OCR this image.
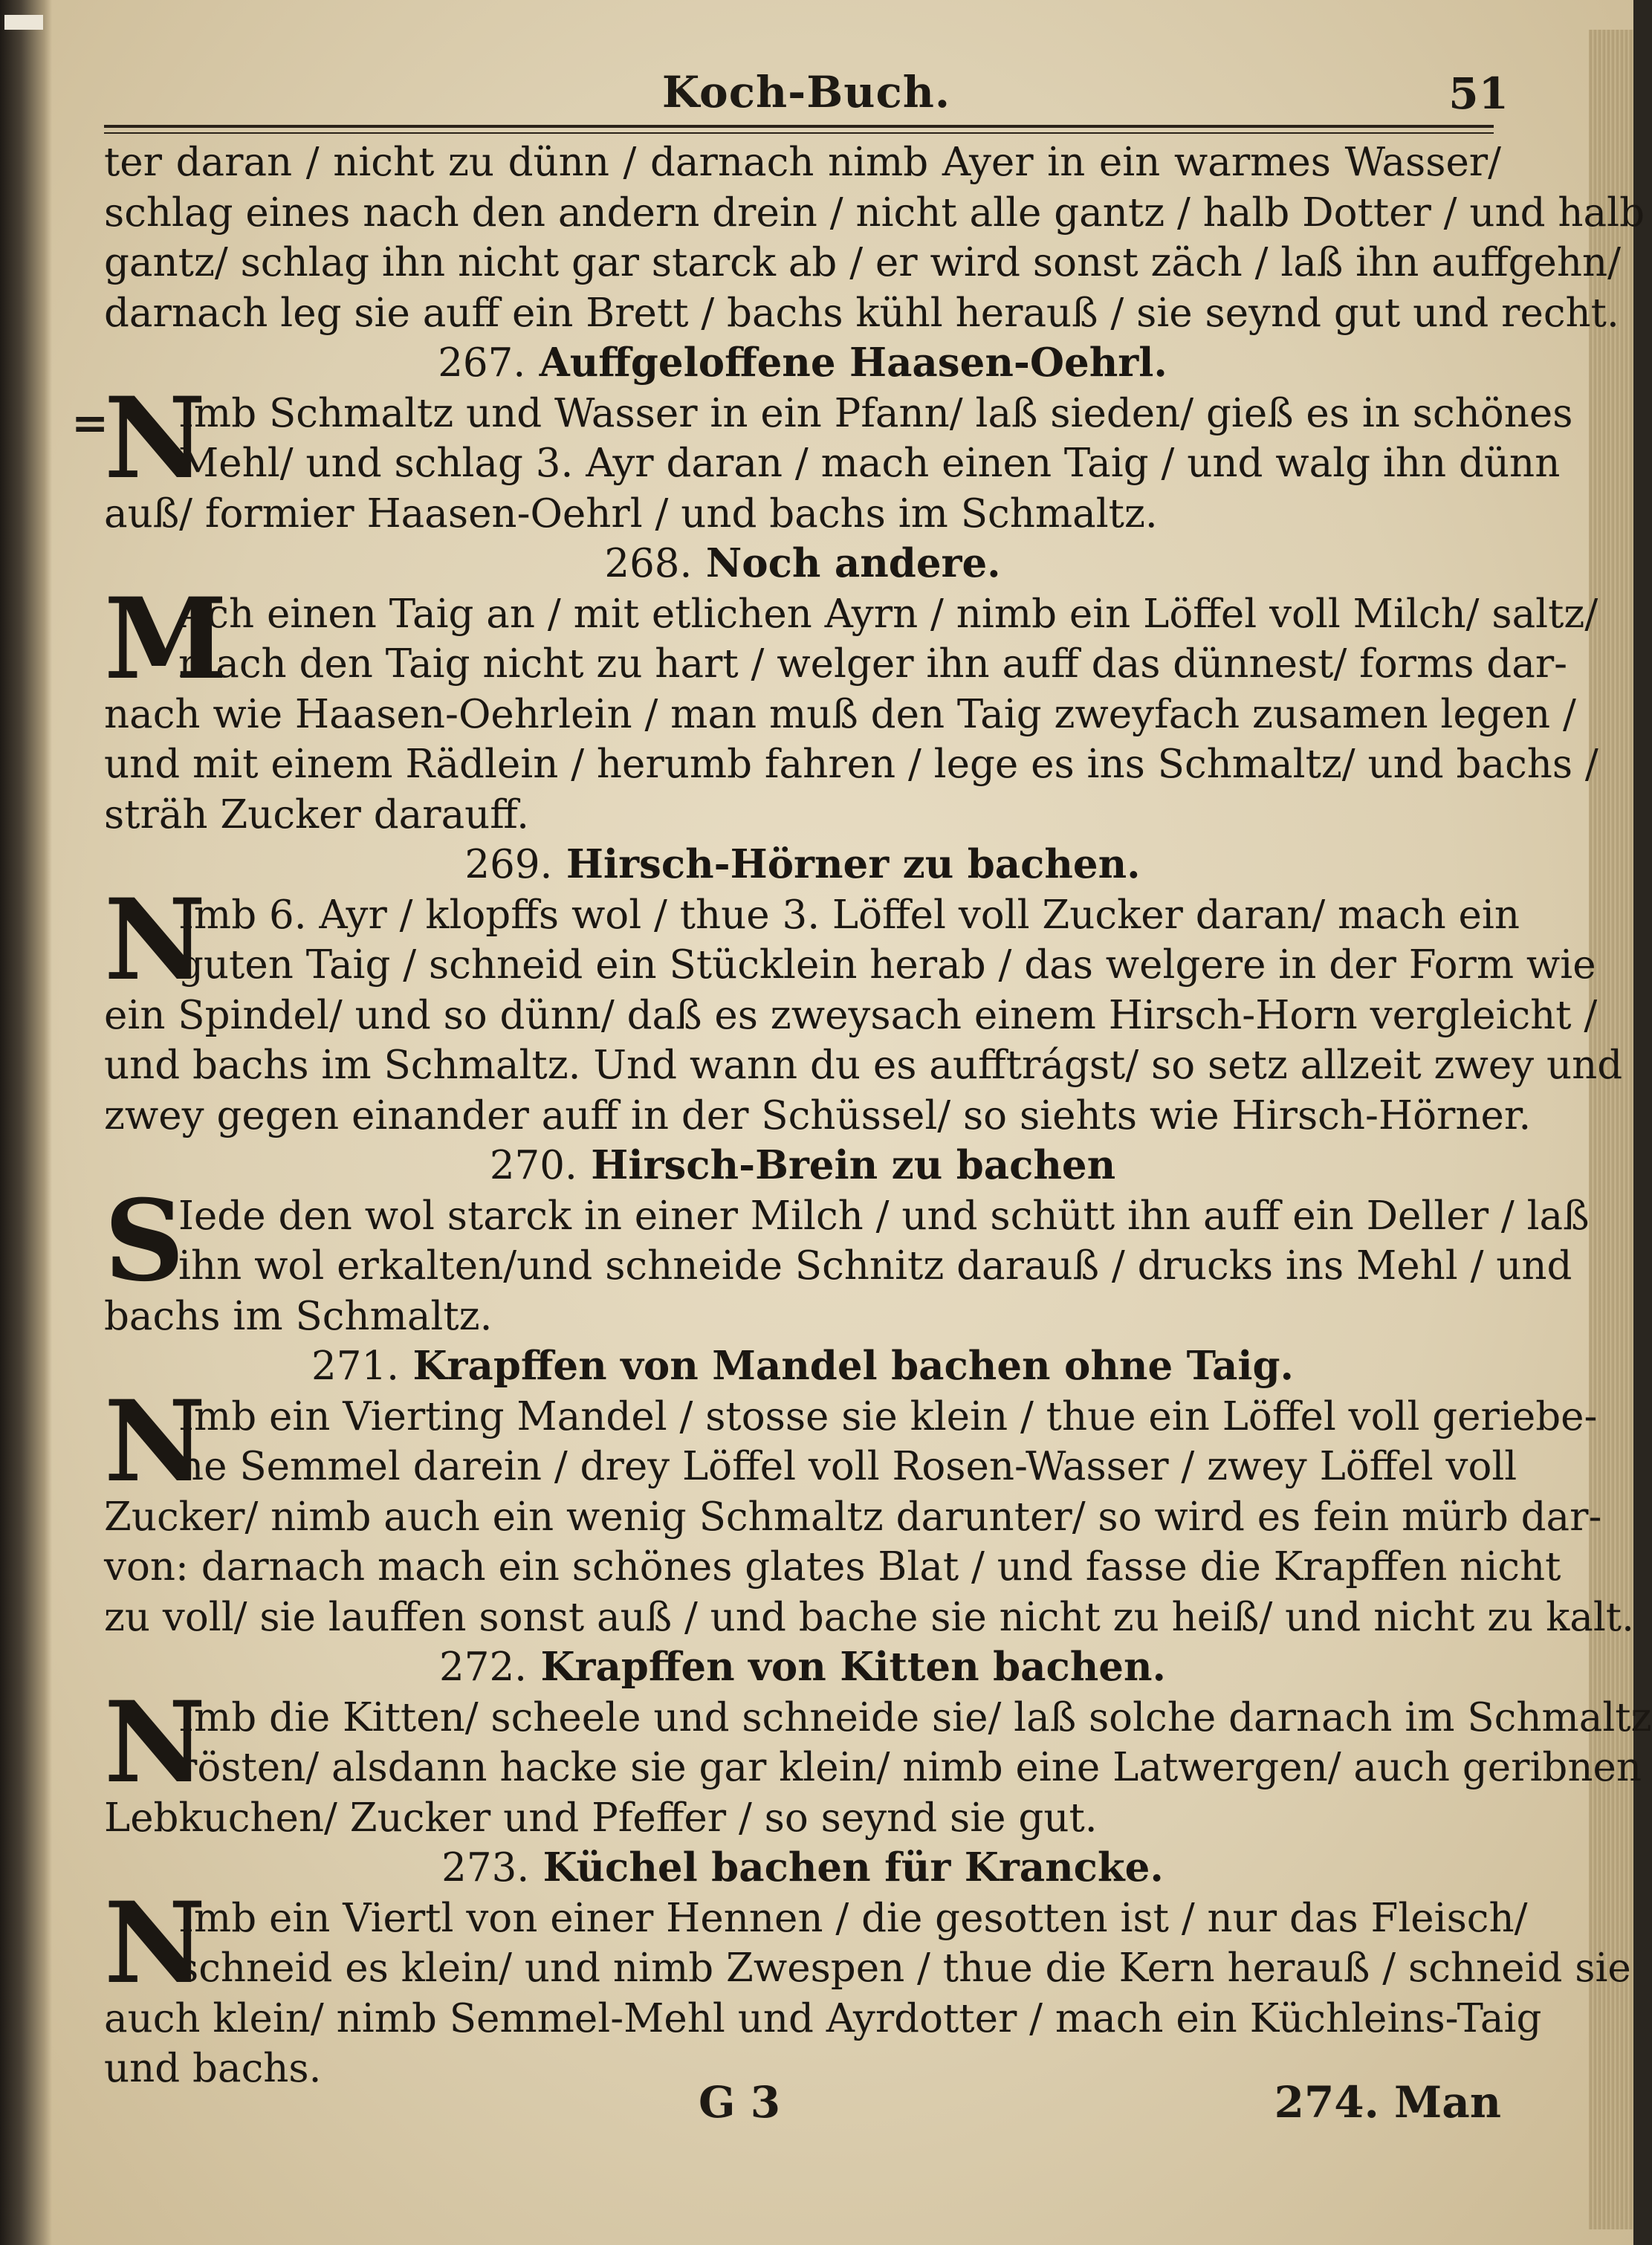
Koch-Buch.	51
ter daran / nicht zu dünn / darnach nimb Ayer in ein warmes Wasser/
schlag eines nach den andern drein / nicht alle gantz / halb Dotter / und halb
gantz/ schlag ihn nicht gar starck ab / er wird sonst zäch / laß ihn auffgehn/
darnach leg sie auff ein Brett / bachs kühl herauß / sie seynd gut und recht.
267. Auffgeloffene Haasen-Oehrl.
N
Imb Schmaltz und Wasser in ein Pfann/ laß sieden/ gieß es in schönes
Mehl/ und schlag 3. Ayr daran / mach einen Taig / und walg ihn dünn
auß/ formier Haasen-Oehrl / und bachs im Schmaltz.
268. Noch andere.
M
Ach einen Taig an / mit etlichen Ayrn / nimb ein Löffel voll Milch/ saltz/
mach den Taig nicht zu hart / welger ihn auff das dünnest/ forms dar-
nach wie Haasen-Oehrlein / man muß den Taig zweyfach zusamen legen /
und mit einem Rädlein / herumb fahren / lege es ins Schmaltz/ und bachs /
sträh Zucker darauff.
269. Hirsch-Hörner zu bachen.
N
Imb 6. Ayr / klopffs wol / thue 3. Löffel voll Zucker daran/ mach ein
guten Taig / schneid ein Stücklein herab / das welgere in der Form wie
ein Spindel/ und so dünn/ daß es zweysach einem Hirsch-Horn vergleicht /
und bachs im Schmaltz. Und wann du es aufftrágst/ so setz allzeit zwey und
zwey gegen einander auff in der Schüssel/ so siehts wie Hirsch-Hörner.
270. Hirsch-Brein zu bachen
S
Iede den wol starck in einer Milch / und schütt ihn auff ein Deller / laß
ihn wol erkalten/und schneide Schnitz darauß / drucks ins Mehl / und
bachs im Schmaltz.
271. Krapffen von Mandel bachen ohne Taig.
N
Imb ein Vierting Mandel / stosse sie klein / thue ein Löffel voll geriebe-
ne Semmel darein / drey Löffel voll Rosen-Wasser / zwey Löffel voll
Zucker/ nimb auch ein wenig Schmaltz darunter/ so wird es fein mürb dar-
von: darnach mach ein schönes glates Blat / und fasse die Krapffen nicht
zu voll/ sie lauffen sonst auß / und bache sie nicht zu heiß/ und nicht zu kalt.
272. Krapffen von Kitten bachen.
N
Imb die Kitten/ scheele und schneide sie/ laß solche darnach im Schmaltz
rösten/ alsdann hacke sie gar klein/ nimb eine Latwergen/ auch geribnen
Lebkuchen/ Zucker und Pfeffer / so seynd sie gut.
273. Küchel bachen für Krancke.
N
Imb ein Viertl von einer Hennen / die gesotten ist / nur das Fleisch/
schneid es klein/ und nimb Zwespen / thue die Kern herauß / schneid sie
auch klein/ nimb Semmel-Mehl und Ayrdotter / mach ein Küchleins-Taig
und bachs.
=
G 3	274. Man
